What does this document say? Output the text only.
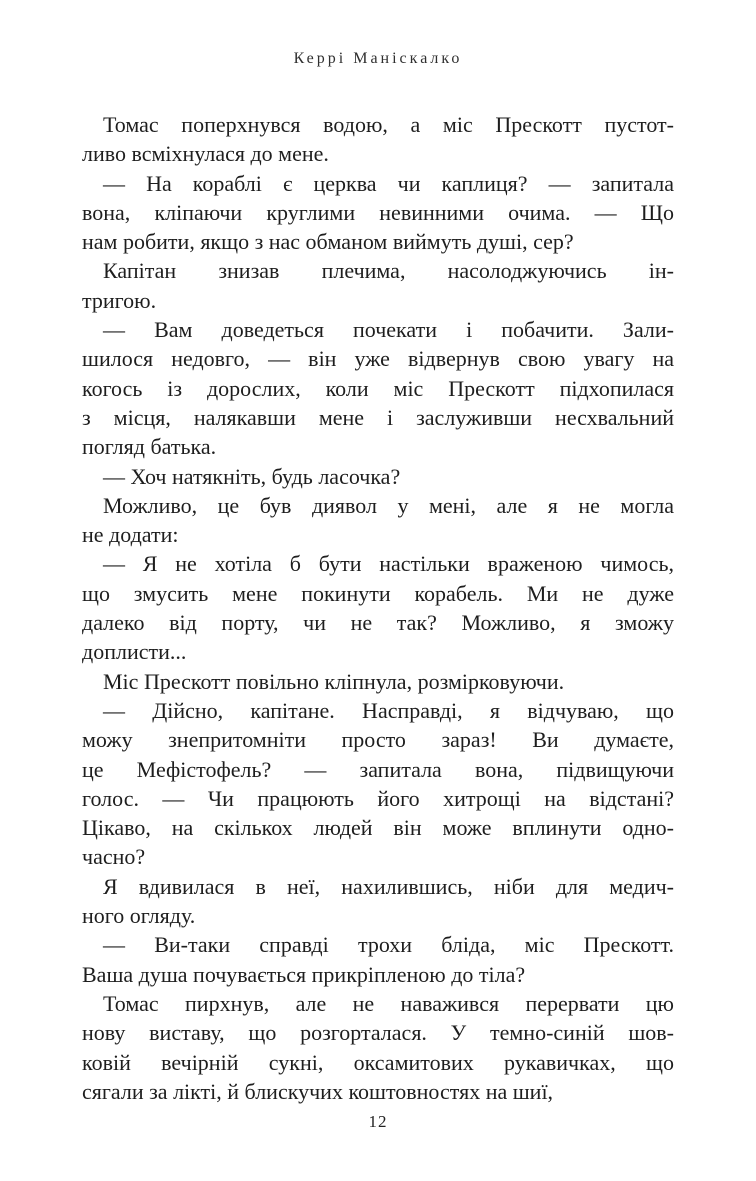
Керрі Маніскалко
Томас поперхнувся водою, а міс Прескотт пустот-
ливо всміхнулася до мене.
— На кораблі є церква чи каплиця? — запитала
вона, кліпаючи круглими невинними очима. — Що
нам робити, якщо з нас обманом виймуть душі, сер?
Капітан знизав плечима, насолоджуючись ін-
тригою.
— Вам доведеться почекати і побачити. Зали-
шилося недовго, — він уже відвернув свою увагу на
когось із дорослих, коли міс Прескотт підхопилася
з місця, налякавши мене і заслуживши несхвальний
погляд батька.
— Хоч натякніть, будь ласочка?
Можливо, це був диявол у мені, але я не могла
не додати:
— Я не хотіла б бути настільки враженою чимось,
що змусить мене покинути корабель. Ми не дуже
далеко від порту, чи не так? Можливо, я зможу
доплисти...
Міс Прескотт повільно кліпнула, розмірковуючи.
— Дійсно, капітане. Насправді, я відчуваю, що
можу знепритомніти просто зараз! Ви думаєте,
це Мефістофель? — запитала вона, підвищуючи
голос. — Чи працюють його хитрощі на відстані?
Цікаво, на скількох людей він може вплинути одно-
часно?
Я вдивилася в неї, нахилившись, ніби для медич-
ного огляду.
— Ви-таки справді трохи бліда, міс Прескотт.
Ваша душа почувається прикріпленою до тіла?
Томас пирхнув, але не наважився перервати цю
нову виставу, що розгорталася. У темно-синій шов-
ковій вечірній сукні, оксамитових рукавичках, що
сягали за лікті, й блискучих коштовностях на шиї,
12
